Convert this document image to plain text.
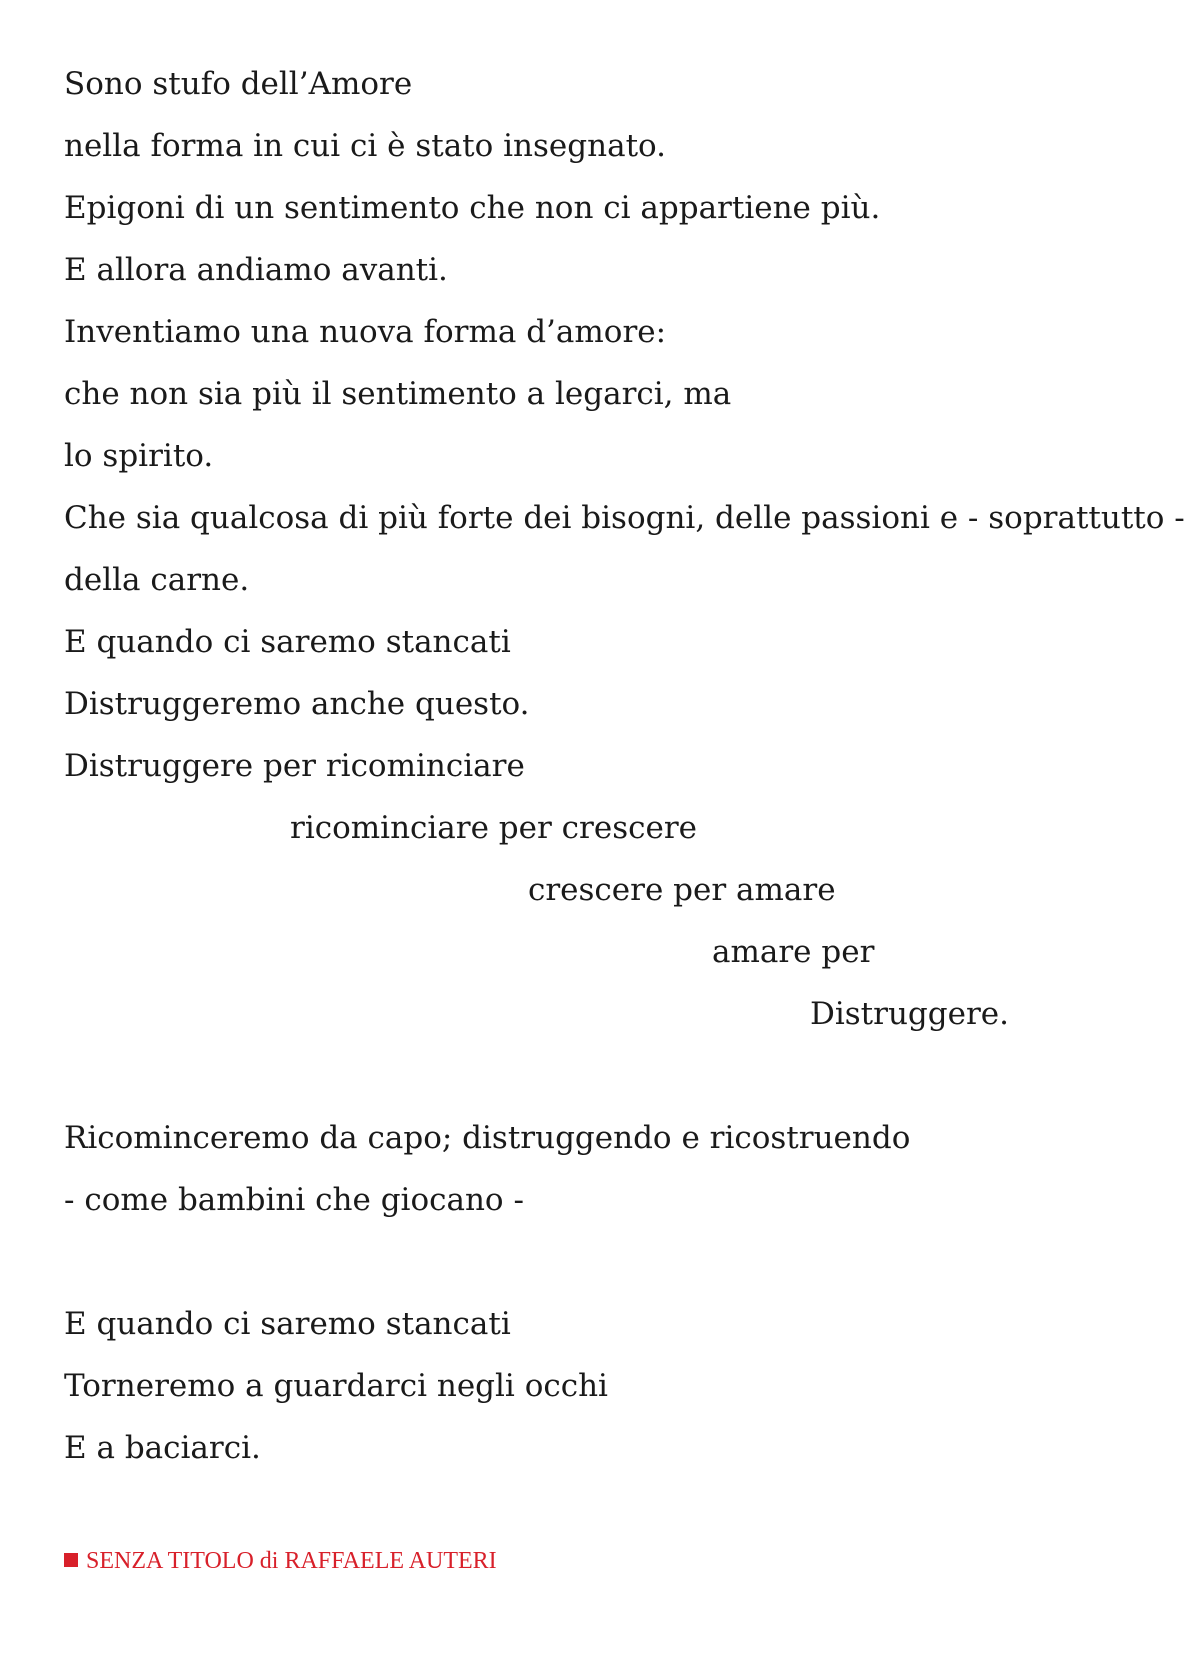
Sono stufo dell’Amore
nella forma in cui ci è stato insegnato.
Epigoni di un sentimento che non ci appartiene più.
E allora andiamo avanti.
Inventiamo una nuova forma d’amore:
che non sia più il sentimento a legarci, ma
lo spirito.
Che sia qualcosa di più forte dei bisogni, delle passioni e - soprattutto -
della carne.
E quando ci saremo stancati
Distruggeremo anche questo.
Distruggere per ricominciare
ricominciare per crescere
crescere per amare
amare per
Distruggere.
Ricominceremo da capo; distruggendo e ricostruendo
- come bambini che giocano -
E quando ci saremo stancati
Torneremo a guardarci negli occhi
E a baciarci.
SENZA TITOLO di RAFFAELE AUTERI
